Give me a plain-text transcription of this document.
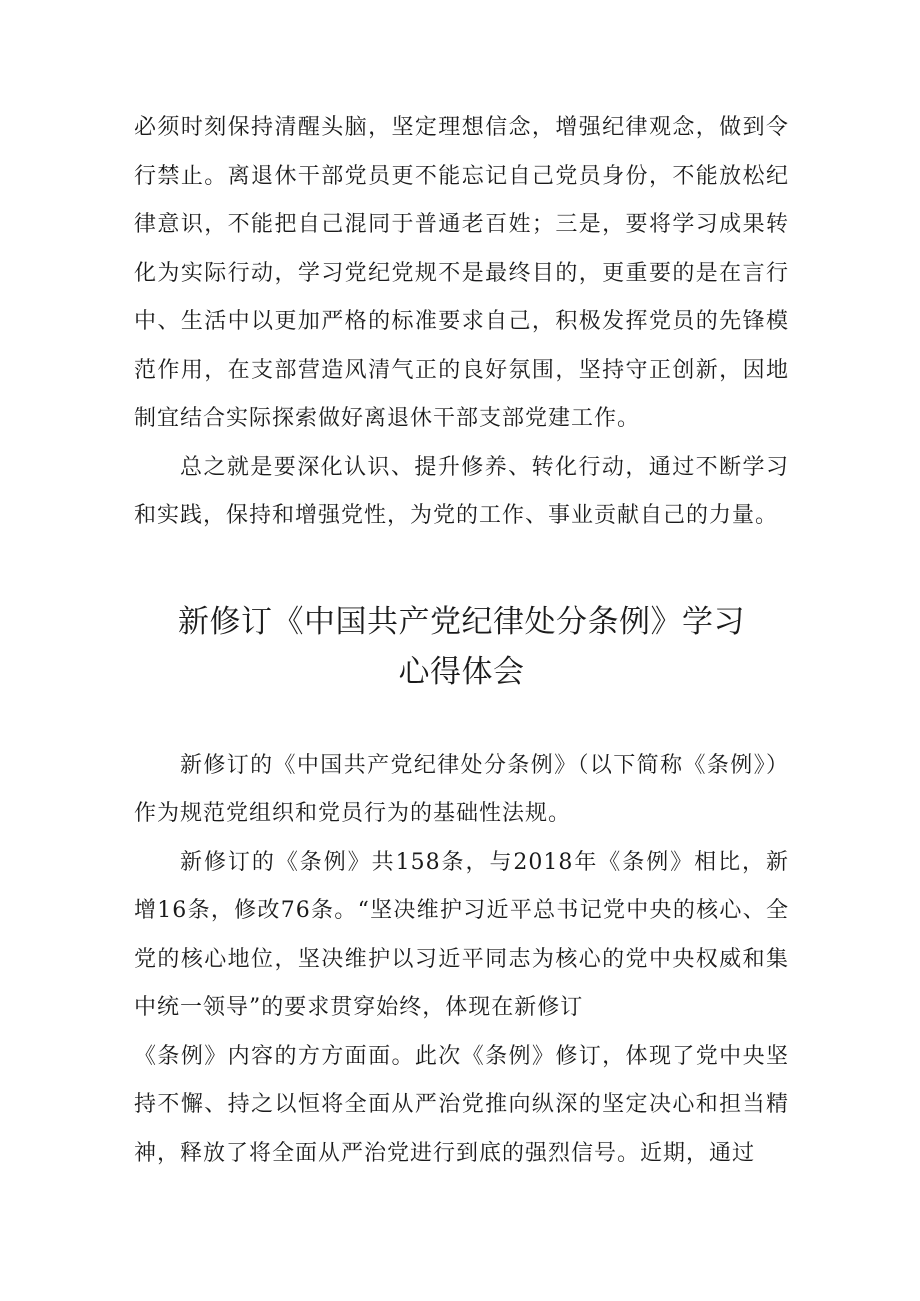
必须时刻保持清醒头脑，坚定理想信念，增强纪律观念，做到令行禁止。离退休干部党员更不能忘记自己党员身份，不能放松纪律意识，不能把自己混同于普通老百姓；三是，要将学习成果转化为实际行动，学习党纪党规不是最终目的，更重要的是在言行中、生活中以更加严格的标准要求自己，积极发挥党员的先锋模范作用，在支部营造风清气正的良好氛围，坚持守正创新，因地制宜结合实际探索做好离退休干部支部党建工作。

总之就是要深化认识、提升修养、转化行动，通过不断学习和实践，保持和增强党性，为党的工作、事业贡献自己的力量。

新修订《中国共产党纪律处分条例》学习
心得体会

新修订的《中国共产党纪律处分条例》（以下简称《条例》）作为规范党组织和党员行为的基础性法规。

新修订的《条例》共158条，与2018年《条例》相比，新增16条，修改76条。“坚决维护习近平总书记党中央的核心、全党的核心地位，坚决维护以习近平同志为核心的党中央权威和集中统一领导”的要求贯穿始终，体现在新修订

《条例》内容的方方面面。此次《条例》修订，体现了党中央坚持不懈、持之以恒将全面从严治党推向纵深的坚定决心和担当精神，释放了将全面从严治党进行到底的强烈信号。近期，通过
